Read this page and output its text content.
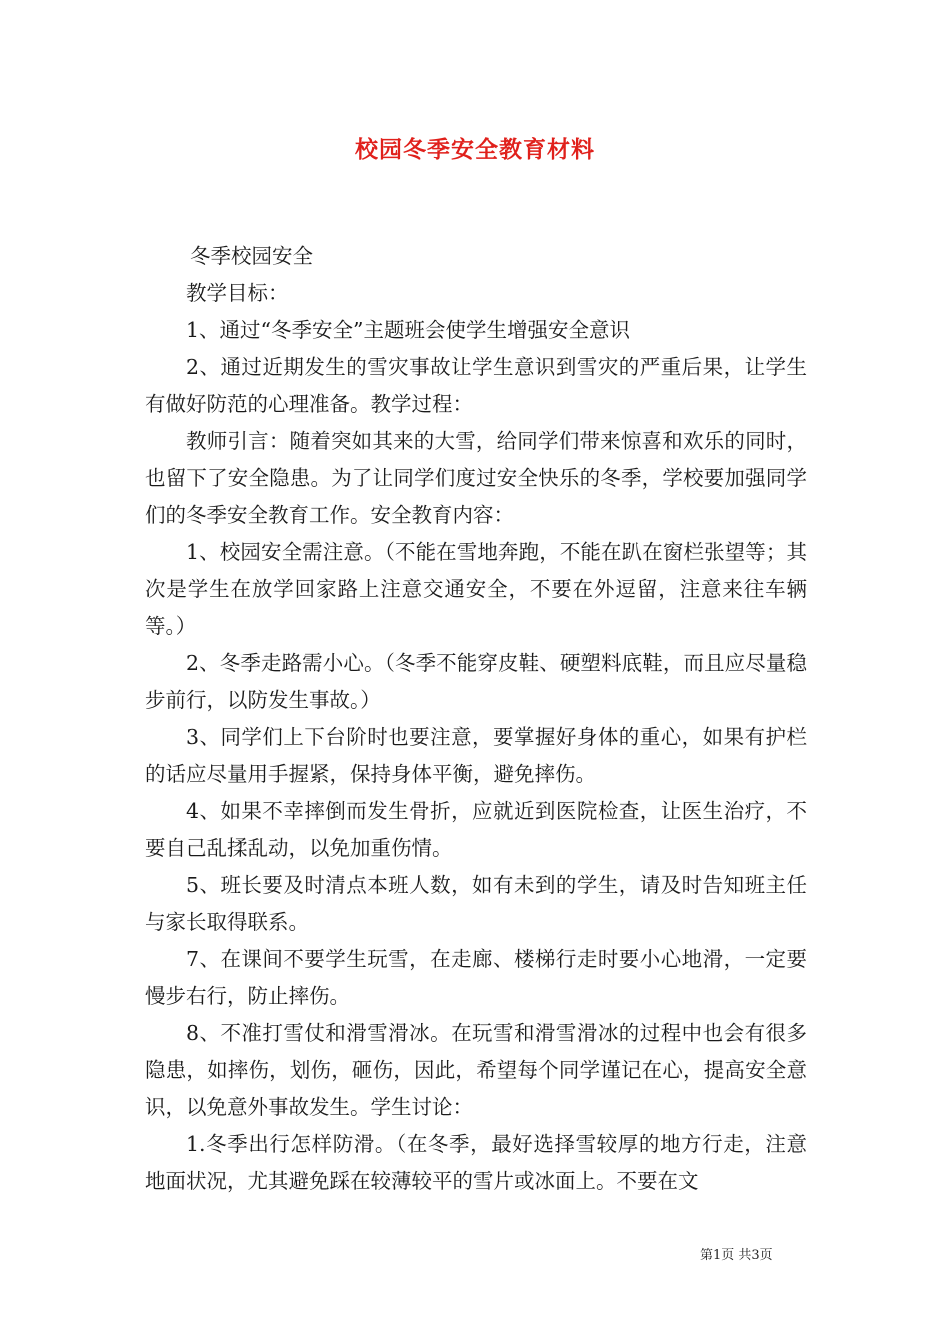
校园冬季安全教育材料

冬季校园安全

教学目标：

1、通过“冬季安全”主题班会使学生增强安全意识

2、通过近期发生的雪灾事故让学生意识到雪灾的严重后果，让学生有做好防范的心理准备。教学过程：

教师引言：随着突如其来的大雪，给同学们带来惊喜和欢乐的同时，也留下了安全隐患。为了让同学们度过安全快乐的冬季，学校要加强同学们的冬季安全教育工作。安全教育内容：

1、校园安全需注意。（不能在雪地奔跑，不能在趴在窗栏张望等；其次是学生在放学回家路上注意交通安全，不要在外逗留，注意来往车辆等。）

2、冬季走路需小心。（冬季不能穿皮鞋、硬塑料底鞋，而且应尽量稳步前行，以防发生事故。）

3、同学们上下台阶时也要注意，要掌握好身体的重心，如果有护栏的话应尽量用手握紧，保持身体平衡，避免摔伤。

4、如果不幸摔倒而发生骨折，应就近到医院检查，让医生治疗，不要自己乱揉乱动，以免加重伤情。

5、班长要及时清点本班人数，如有未到的学生，请及时告知班主任与家长取得联系。

7、在课间不要学生玩雪，在走廊、楼梯行走时要小心地滑，一定要慢步右行，防止摔伤。

8、不准打雪仗和滑雪滑冰。在玩雪和滑雪滑冰的过程中也会有很多隐患，如摔伤，划伤，砸伤，因此，希望每个同学谨记在心，提高安全意识，以免意外事故发生。学生讨论：

1.冬季出行怎样防滑。（在冬季，最好选择雪较厚的地方行走，注意地面状况，尤其避免踩在较薄较平的雪片或冰面上。不要在文

第1页 共3页
